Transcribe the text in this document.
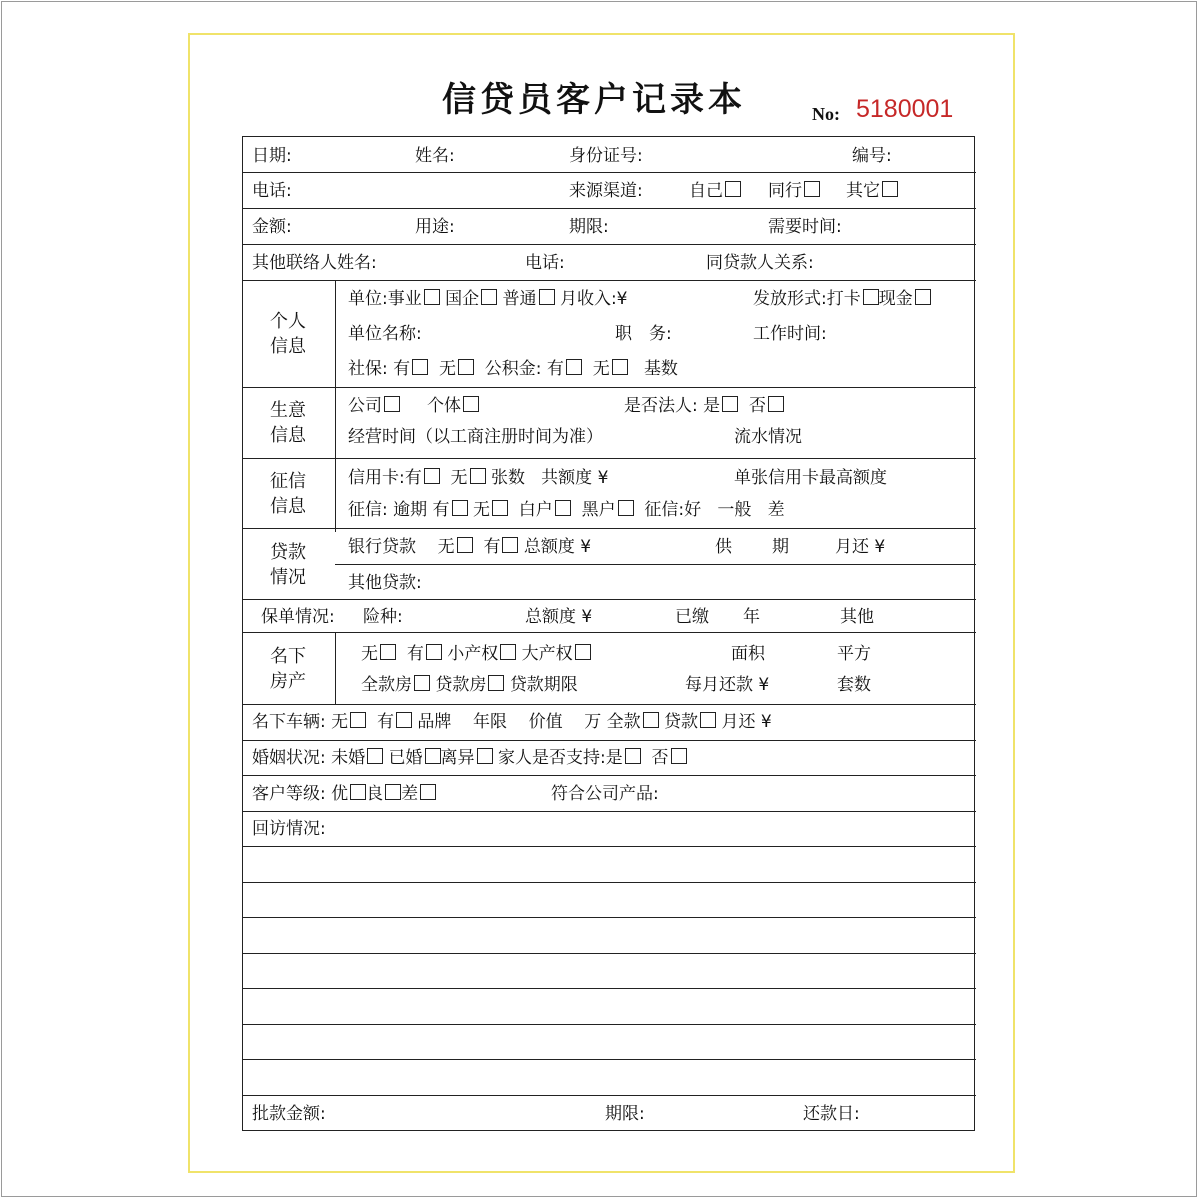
信贷员客户记录本	No: 5180001
日期:	姓名:	身份证号:	编号:
电话:	来源渠道:	自己	同行	其它
金额:	用途:	期限:	需要时间:
其他联络人姓名:	电话:	同贷款人关系:
个人
信息
单位:事业 国企 普通 月收入:¥	发放形式:打卡 现金
单位名称:	职　务:	工作时间:
社保: 有 无 公积金: 有 无 基数
生意
信息
公司	个体	是否法人: 是 否
经营时间（以工商注册时间为准）	流水情况
征信
信息
信用卡:有 无 张数 共额度 ¥	单张信用卡最高额度
征信: 逾期 有 无 白户 黑户 征信:好 一般 差
贷款
情况
银行贷款 无 有 总额度 ¥	供 期	月还 ¥
其他贷款:
保单情况: 险种:	总额度 ¥	已缴 年	其他
名下
房产
无 有 小产权 大产权	面积	平方
全款房 贷款房 贷款期限	每月还款 ¥	套数
名下车辆: 无 有 品牌 年限 价值 万 全款 贷款 月还 ¥
婚姻状况: 未婚 已婚 离异 家人是否支持:是 否
客户等级: 优 良 差	符合公司产品:
回访情况:
批款金额:	期限:	还款日:
